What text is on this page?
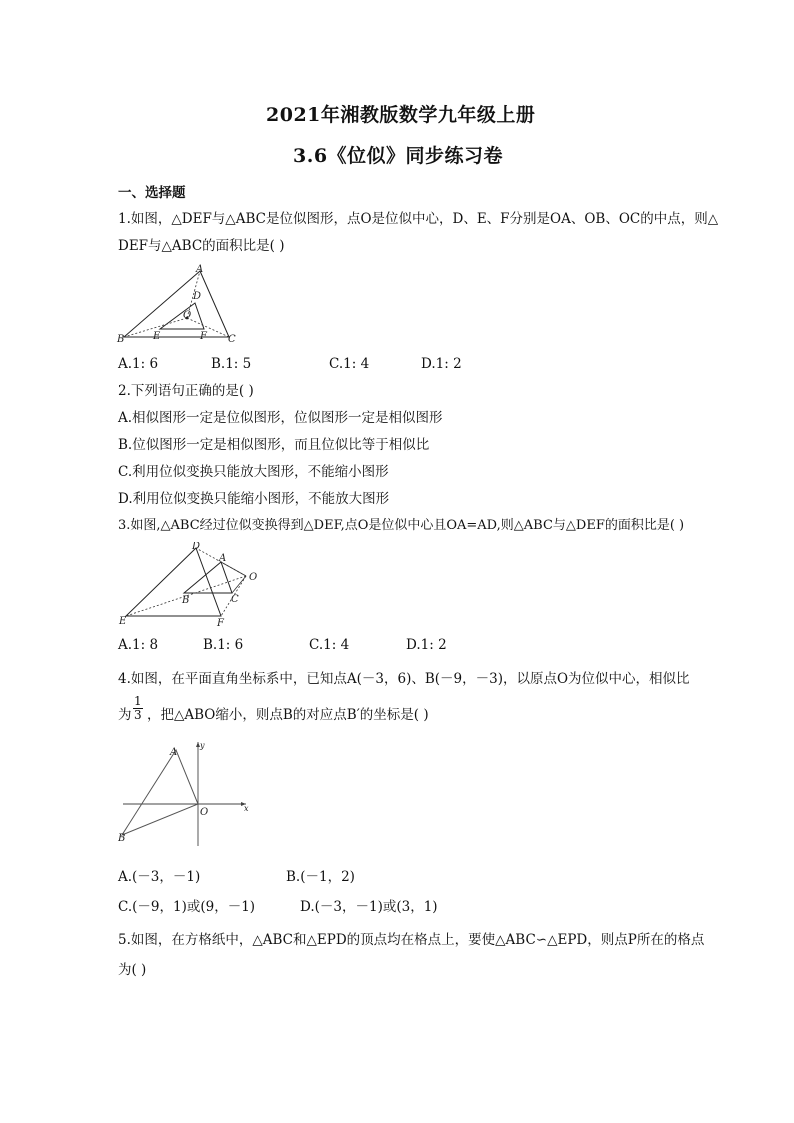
2021年湘教版数学九年级上册
3.6《位似》同步练习卷
一、选择题
1.如图，△DEF与△ABC是位似图形，点O是位似中心，D、E、F分别是OA、OB、OC的中点，则△
DEF与△ABC的面积比是( )
A
B	C
D
E	F
O
A.1: 6	B.1: 5	C.1: 4	D.1: 2
2.下列语句正确的是( )
A.相似图形一定是位似图形，位似图形一定是相似图形
B.位似图形一定是相似图形，而且位似比等于相似比
C.利用位似变换只能放大图形，不能缩小图形
D.利用位似变换只能缩小图形，不能放大图形
3.如图,△ABC经过位似变换得到△DEF,点O是位似中心且OA=AD,则△ABC与△DEF的面积比是( )
D
A
O
B	C
E	F
A.1: 8	B.1: 6	C.1: 4	D.1: 2
4.如图，在平面直角坐标系中，已知点A(－3，6)、B(－9，－3)，以原点O为位似中心，相似比
为 $\frac{1}{3}$ ，把△ABO缩小，则点B的对应点B′的坐标是( )
A
B
O	x
y
A.(－3，－1)	B.(－1，2)
C.(－9，1)或(9，－1)	D.(－3，－1)或(3，1)
5.如图，在方格纸中，△ABC和△EPD的顶点均在格点上，要使△ABC∽△EPD，则点P所在的格点
为( )
